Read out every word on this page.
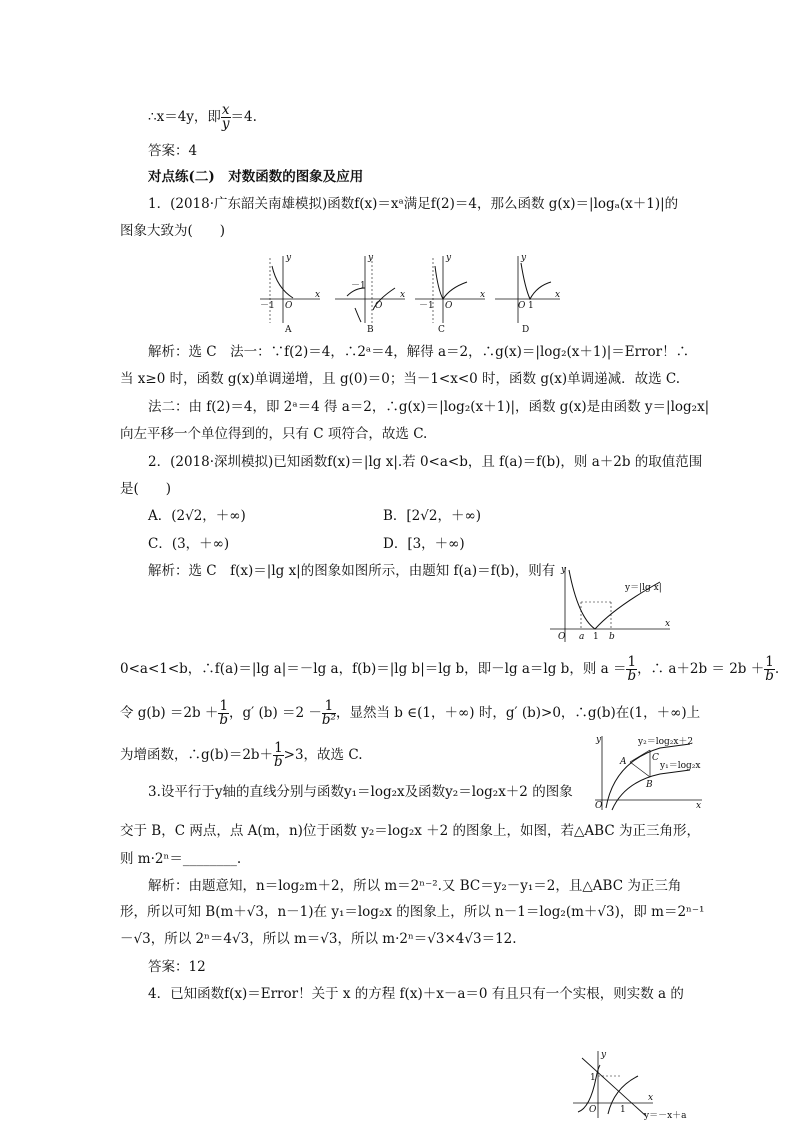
∴x＝4y，即 $\frac{x}{y} =4$.
答案：4
对点练(二)　对数函数的图象及应用
1．(2018·广东韶关南雄模拟)函数f(x)＝xᵃ满足f(2)＝4，那么函数 g(x)＝|logₐ(x＋1)|的
图象大致为(　　)
y
x
－1 O
A
y
x
－1
O
B
y
x
－1 O
C
y
x
O 1
D
解析：选 C　法一：∵f(2)＝4，∴2ᵃ＝4，解得 a＝2，∴g(x)＝|log₂(x＋1)|＝Error！∴
当 x≥0 时，函数 g(x)单调递增，且 g(0)＝0；当－1<x<0 时，函数 g(x)单调递减．故选 C.
法二：由 f(2)＝4，即 2ᵃ＝4 得 a＝2，∴g(x)＝|log₂(x＋1)|，函数 g(x)是由函数 y＝|log₂x|
向左平移一个单位得到的，只有 C 项符合，故选 C.
2．(2018·深圳模拟)已知函数f(x)＝|lg x|.若 0<a<b，且 f(a)＝f(b)，则 a＋2b 的取值范围
是(　　)
A．(2√2，＋∞)	B．[2√2，＋∞)
C．(3，＋∞)	D．[3，＋∞)
解析：选 C　f(x)＝|lg x|的图象如图所示，由题知 f(a)＝f(b)，则有 y
x
O a 1 b
y＝|lg x|
0<a<1<b，∴f(a)＝|lg a|＝－lg a，f(b)＝|lg b|＝lg b，即－lg a＝lg b，则 $a = \frac{1}{b}$ ，∴ $a+2b = 2b + \frac{1}{b}$ .
令 $g(b) =2b + \frac{1}{b}$ ，g′ $(b) =2 - \frac{1}{\text{b²}}$ ，显然当 b ∈(1，＋∞) 时，g′ (b)>0，∴g(b)在(1，＋∞)上
为增函数，∴g(b)＝2b＋ $\frac{1}{b} >3$，故选 C.
y
x
O
y₂＝log₂x＋2
y₁＝log₂x
A
B
C
3.设平行于y轴的直线分别与函数y₁＝log₂x及函数y₂＝log₂x＋2 的图象
交于 B，C 两点，点 A(m，n)位于函数 y₂＝log₂x ＋2 的图象上，如图，若△ABC 为正三角形，
则 m·2ⁿ＝________.
解析：由题意知，n＝log₂m＋2，所以 m＝2ⁿ⁻².又 BC＝y₂－y₁＝2，且△ABC 为正三角
形，所以可知 B(m＋√3，n－1)在 y₁＝log₂x 的图象上，所以 n－1＝log₂(m＋√3)，即 m＝2ⁿ⁻¹
－√3，所以 2ⁿ＝4√3，所以 m＝√3，所以 m·2ⁿ＝√3×4√3＝12.
答案：12
4．已知函数f(x)＝Error！关于 x 的方程 f(x)＋x－a＝0 有且只有一个实根，则实数 a 的
y
x
O
1
1
y＝－x＋a
